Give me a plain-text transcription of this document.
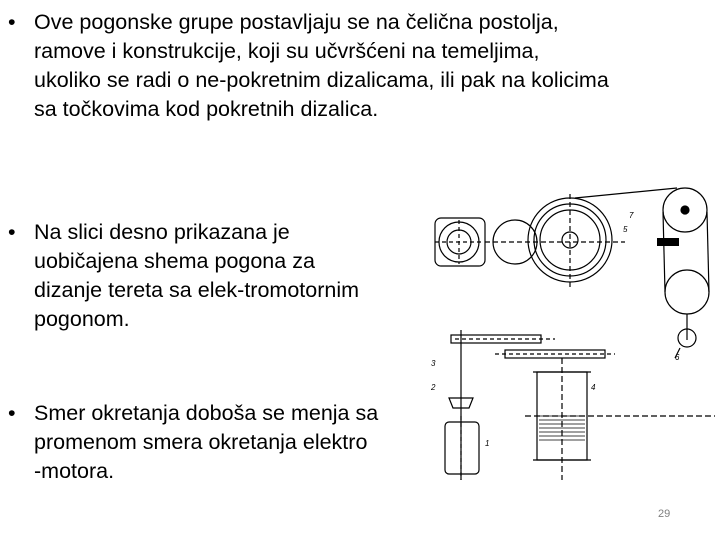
• Ove pogonske grupe postavljaju se na čelična postolja,
ramove i konstrukcije, koji su učvršćeni na temeljima,
ukoliko se radi o ne-pokretnim dizalicama, ili pak na kolicima
sa točkovima kod pokretnih dizalica.
• Na slici desno prikazana je
uobičajena shema pogona za
dizanje tereta sa elek-tromotornim
pogonom.
• Smer okretanja doboša se menja sa
promenom smera okretanja elektro
-motora.
7
5
6
3
2	4
1
29
